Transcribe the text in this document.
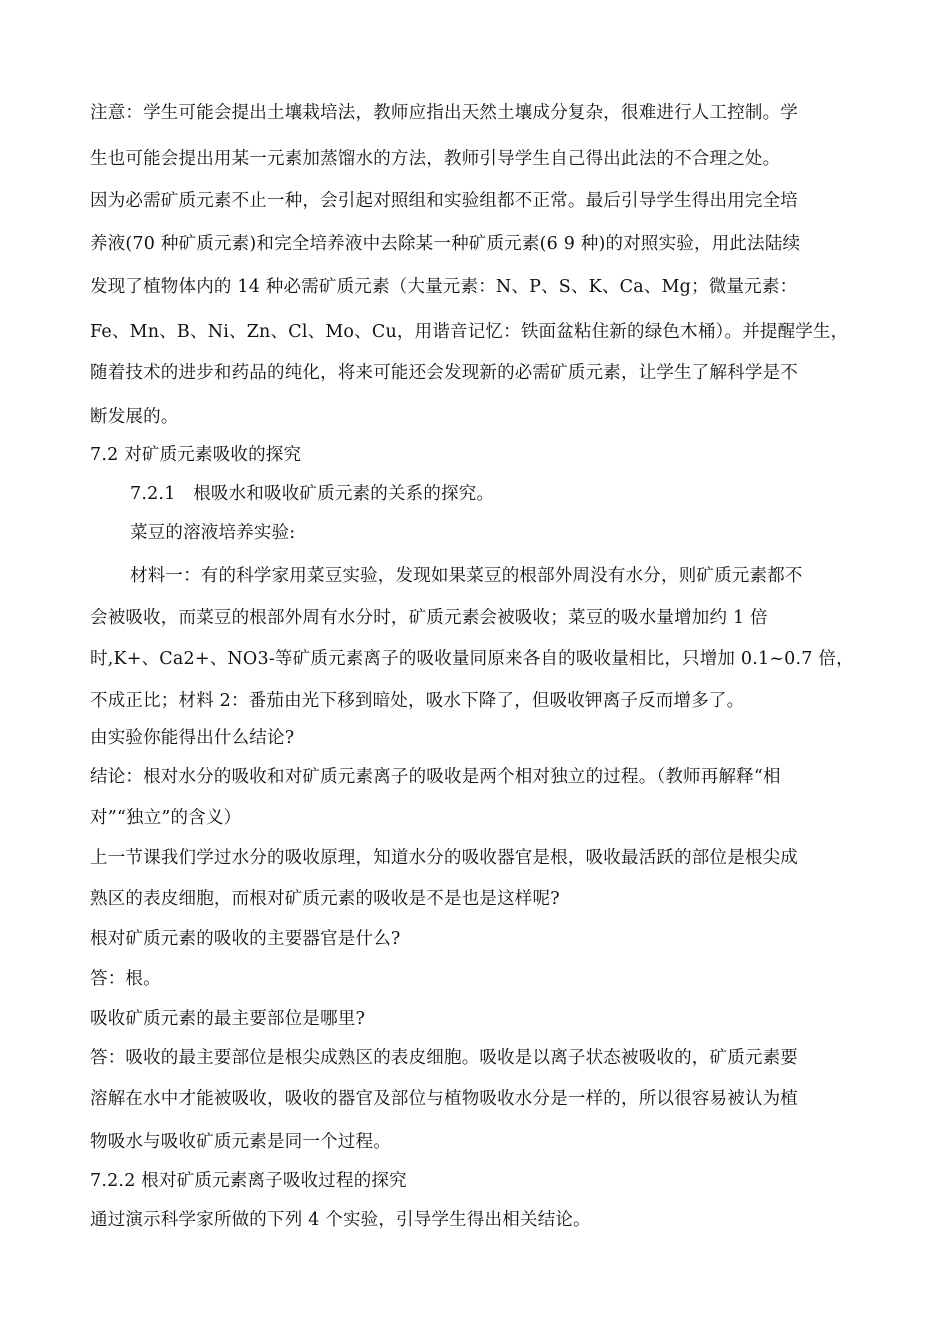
注意：学生可能会提出土壤栽培法，教师应指出天然土壤成分复杂，很难进行人工控制。学
生也可能会提出用某一元素加蒸馏水的方法，教师引导学生自己得出此法的不合理之处。
因为必需矿质元素不止一种，会引起对照组和实验组都不正常。最后引导学生得出用完全培
养液(70 种矿质元素)和完全培养液中去除某一种矿质元素(6 9 种)的对照实验，用此法陆续
发现了植物体内的 14 种必需矿质元素（大量元素：N、P、S、K、Ca、Mg；微量元素：
Fe、Mn、B、Ni、Zn、Cl、Mo、Cu，用谐音记忆：铁面盆粘住新的绿色木桶）。并提醒学生，
随着技术的进步和药品的纯化，将来可能还会发现新的必需矿质元素，让学生了解科学是不
断发展的。
7.2 对矿质元素吸收的探究
7.2.1　根吸水和吸收矿质元素的关系的探究。
菜豆的溶液培养实验:
材料一：有的科学家用菜豆实验，发现如果菜豆的根部外周没有水分，则矿质元素都不
会被吸收，而菜豆的根部外周有水分时，矿质元素会被吸收；菜豆的吸水量增加约 1 倍
时,K+、Ca2+、NO3-等矿质元素离子的吸收量同原来各自的吸收量相比，只增加 0.1~0.7 倍，
不成正比；材料 2：番茄由光下移到暗处，吸水下降了，但吸收钾离子反而增多了。
由实验你能得出什么结论?
结论：根对水分的吸收和对矿质元素离子的吸收是两个相对独立的过程。（教师再解释“相
对”“独立”的含义）
上一节课我们学过水分的吸收原理，知道水分的吸收器官是根，吸收最活跃的部位是根尖成
熟区的表皮细胞，而根对矿质元素的吸收是不是也是这样呢?
根对矿质元素的吸收的主要器官是什么?
答：根。
吸收矿质元素的最主要部位是哪里?
答：吸收的最主要部位是根尖成熟区的表皮细胞。吸收是以离子状态被吸收的，矿质元素要
溶解在水中才能被吸收，吸收的器官及部位与植物吸收水分是一样的，所以很容易被认为植
物吸水与吸收矿质元素是同一个过程。
7.2.2 根对矿质元素离子吸收过程的探究
通过演示科学家所做的下列 4 个实验，引导学生得出相关结论。
